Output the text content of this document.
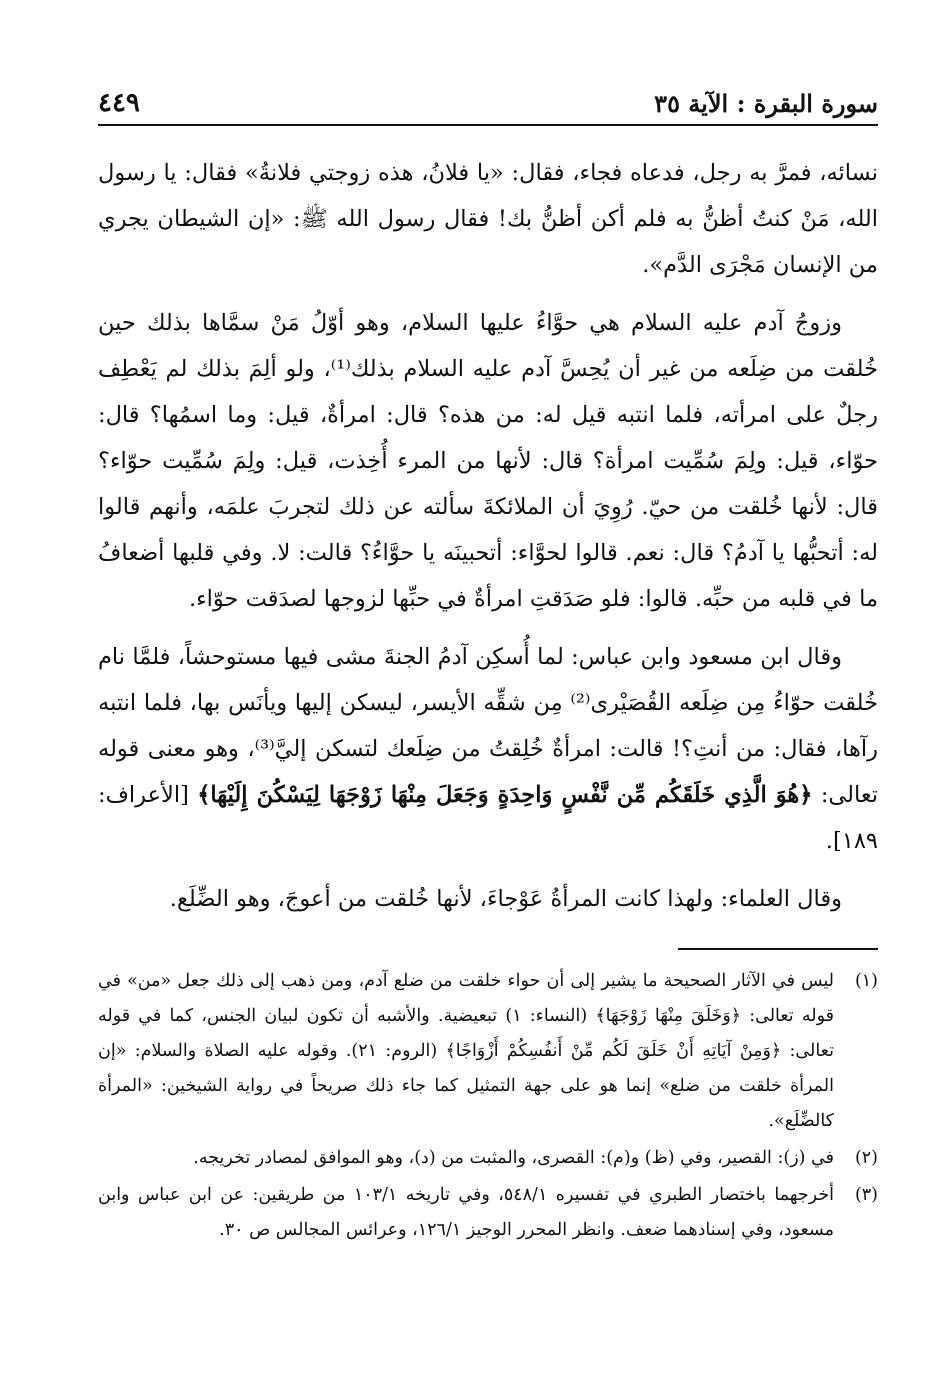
سورة البقرة : الآية ٣٥
٤٤٩

نسائه، فمرَّ به رجل، فدعاه فجاء، فقال: «يا فلانُ، هذه زوجتي فلانةُ» فقال: يا رسول الله، مَنْ كنتُ أظنُّ به فلم أكن أظنُّ بك! فقال رسول الله ﷺ: «إن الشيطان يجري من الإنسان مَجْرَى الدَّم».

وزوجُ آدم عليه السلام هي حوَّاءُ عليها السلام، وهو أوّلُ مَنْ سمَّاها بذلك حين خُلقت من ضِلَعه من غير أن يُحِسَّ آدم عليه السلام بذلك⁽¹⁾، ولو ألِمَ بذلك لم يَعْطِف رجلٌ على امرأته، فلما انتبه قيل له: من هذه؟ قال: امرأةٌ، قيل: وما اسمُها؟ قال: حوّاء، قيل: ولِمَ سُمِّيت امرأة؟ قال: لأنها من المرء أُخِذت، قيل: ولِمَ سُمِّيت حوّاء؟ قال: لأنها خُلقت من حيّ. رُوِيَ أن الملائكةَ سألته عن ذلك لتجربَ علمَه، وأنهم قالوا له: أتحبُّها يا آدمُ؟ قال: نعم. قالوا لحوَّاء: أتحبينَه يا حوَّاءُ؟ قالت: لا. وفي قلبها أضعافُ ما في قلبه من حبِّه. قالوا: فلو صَدَقتِ امرأةٌ في حبِّها لزوجها لصدَقت حوّاء.

وقال ابن مسعود وابن عباس: لما أُسكِن آدمُ الجنةَ مشى فيها مستوحشاً، فلمَّا نام خُلقت حوّاءُ مِن ضِلَعه القُصَيْرى⁽²⁾ مِن شقِّه الأيسر، ليسكن إليها ويأنَس بها، فلما انتبه رآها، فقال: من أنتِ؟! قالت: امرأةٌ خُلِقتُ من ضِلَعك لتسكن إليَّ⁽³⁾، وهو معنى قوله تعالى: ﴿هُوَ الَّذِي خَلَقَكُم مِّن نَّفْسٍ وَاحِدَةٍ وَجَعَلَ مِنْهَا زَوْجَهَا لِيَسْكُنَ إِلَيْهَا﴾ [الأعراف: ١٨٩].

وقال العلماء: ولهذا كانت المرأةُ عَوْجاءَ، لأنها خُلقت من أعوجَ، وهو الضِّلَع.

(١)
ليس في الآثار الصحيحة ما يشير إلى أن حواء خلقت من ضلع آدم، ومن ذهب إلى ذلك جعل «من» في قوله تعالى: ﴿وَخَلَقَ مِنْهَا زَوْجَهَا﴾ (النساء: ١) تبعيضية. والأشبه أن تكون لبيان الجنس، كما في قوله تعالى: ﴿وَمِنْ آيَاتِهِ أَنْ خَلَقَ لَكُم مِّنْ أَنفُسِكُمْ أَزْوَاجًا﴾ (الروم: ٢١). وقوله عليه الصلاة والسلام: «إن المرأة خلقت من ضلع» إنما هو على جهة التمثيل كما جاء ذلك صريحاً في رواية الشيخين: «المرأة كالضِّلَع».
(٢)
في (ز): القصير، وفي (ظ) و(م): القصرى، والمثبت من (د)، وهو الموافق لمصادر تخريجه.
(٣)
أخرجهما باختصار الطبري في تفسيره ٥٤٨/١، وفي تاريخه ١٠٣/١ من طريقين: عن ابن عباس وابن مسعود، وفي إسنادهما ضعف. وانظر المحرر الوجيز ١٢٦/١، وعرائس المجالس ص ٣٠.
